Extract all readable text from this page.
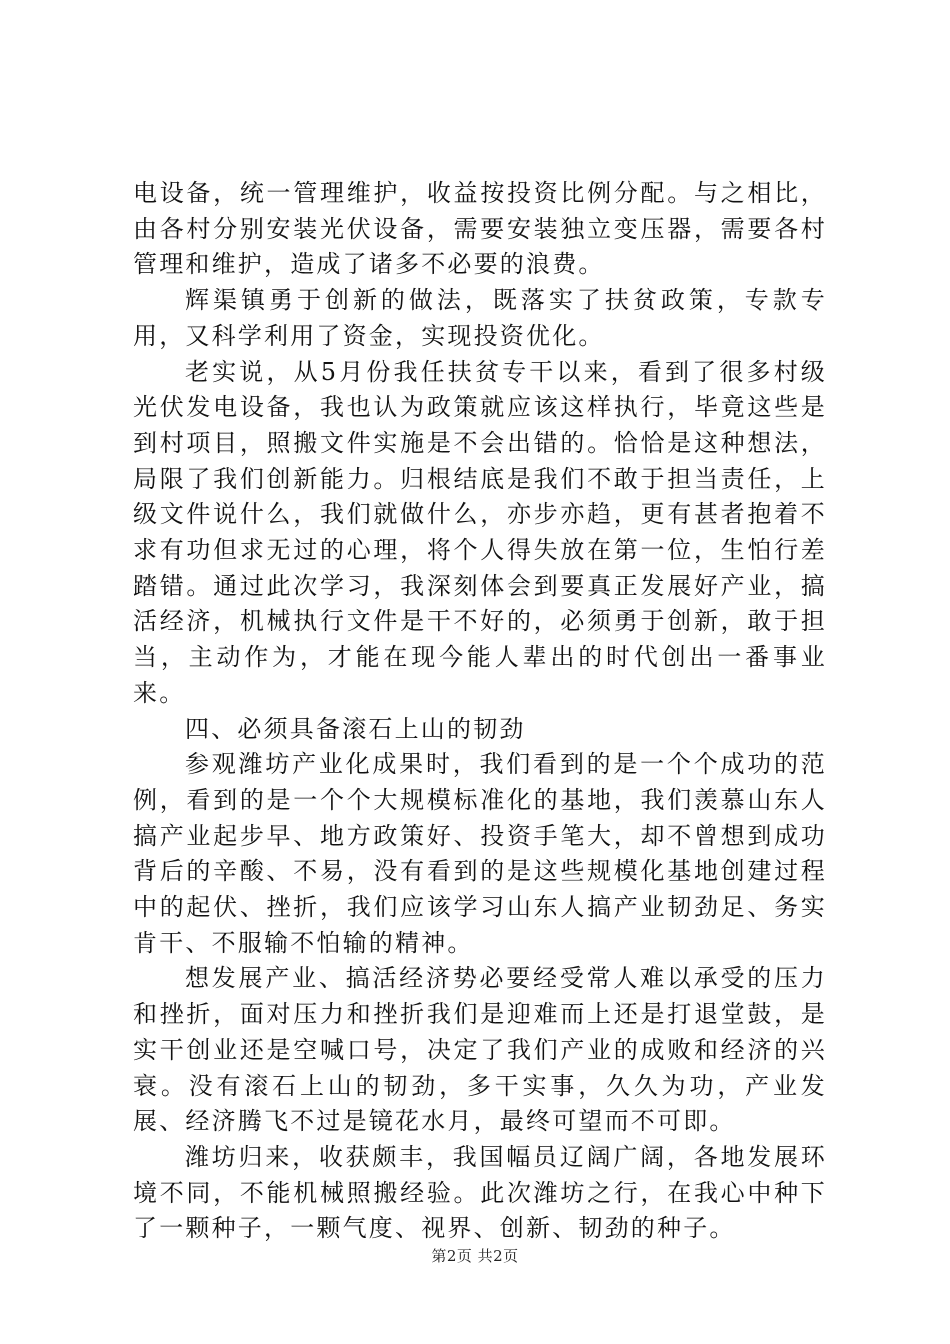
电设备，统一管理维护，收益按投资比例分配。与之相比，由各村分别安装光伏设备，需要安装独立变压器，需要各村管理和维护，造成了诸多不必要的浪费。

辉渠镇勇于创新的做法，既落实了扶贫政策，专款专用，又科学利用了资金，实现投资优化。

老实说，从5月份我任扶贫专干以来，看到了很多村级光伏发电设备，我也认为政策就应该这样执行，毕竟这些是到村项目，照搬文件实施是不会出错的。恰恰是这种想法，局限了我们创新能力。归根结底是我们不敢于担当责任，上级文件说什么，我们就做什么，亦步亦趋，更有甚者抱着不求有功但求无过的心理，将个人得失放在第一位，生怕行差踏错。通过此次学习，我深刻体会到要真正发展好产业，搞活经济，机械执行文件是干不好的，必须勇于创新，敢于担当，主动作为，才能在现今能人辈出的时代创出一番事业来。

四、必须具备滚石上山的韧劲

参观潍坊产业化成果时，我们看到的是一个个成功的范例，看到的是一个个大规模标准化的基地，我们羡慕山东人搞产业起步早、地方政策好、投资手笔大，却不曾想到成功背后的辛酸、不易，没有看到的是这些规模化基地创建过程中的起伏、挫折，我们应该学习山东人搞产业韧劲足、务实肯干、不服输不怕输的精神。

想发展产业、搞活经济势必要经受常人难以承受的压力和挫折，面对压力和挫折我们是迎难而上还是打退堂鼓，是实干创业还是空喊口号，决定了我们产业的成败和经济的兴衰。没有滚石上山的韧劲，多干实事，久久为功，产业发展、经济腾飞不过是镜花水月，最终可望而不可即。

潍坊归来，收获颇丰，我国幅员辽阔广阔，各地发展环境不同，不能机械照搬经验。此次潍坊之行，在我心中种下了一颗种子，一颗气度、视界、创新、韧劲的种子。

第2页 共2页
